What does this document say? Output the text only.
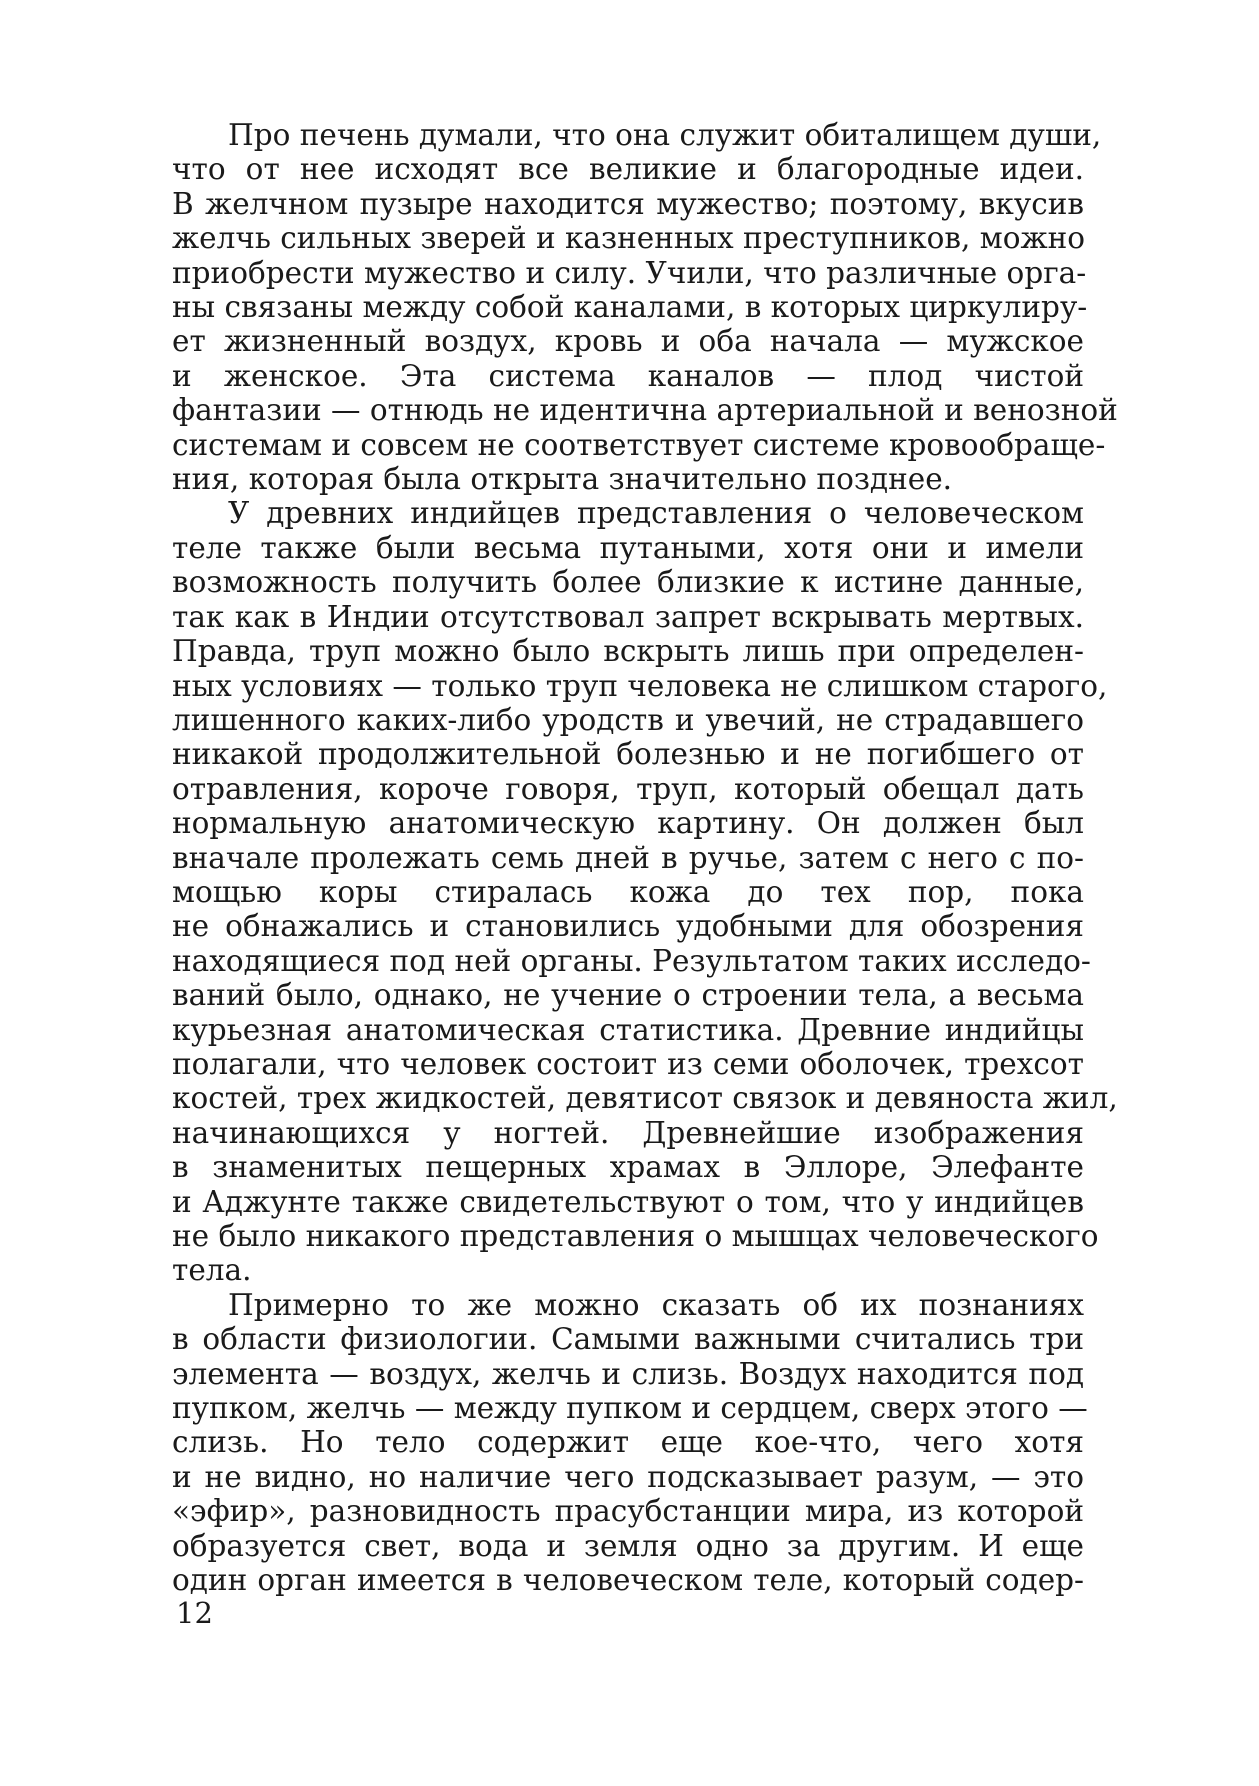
Про печень думали, что она служит обиталищем души,
что от нее исходят все великие и благородные идеи.
В желчном пузыре находится мужество; поэтому, вкусив
желчь сильных зверей и казненных преступников, можно
приобрести мужество и силу. Учили, что различные орга-
ны связаны между собой каналами, в которых циркулиру-
ет жизненный воздух, кровь и оба начала — мужское
и женское. Эта система каналов — плод чистой
фантазии — отнюдь не идентична артериальной и венозной
системам и совсем не соответствует системе кровообраще-
ния, которая была открыта значительно позднее.

У древних индийцев представления о человеческом
теле также были весьма путаными, хотя они и имели
возможность получить более близкие к истине данные,
так как в Индии отсутствовал запрет вскрывать мертвых.
Правда, труп можно было вскрыть лишь при определен-
ных условиях — только труп человека не слишком старого,
лишенного каких-либо уродств и увечий, не страдавшего
никакой продолжительной болезнью и не погибшего от
отравления, короче говоря, труп, который обещал дать
нормальную анатомическую картину. Он должен был
вначале пролежать семь дней в ручье, затем с него с по-
мощью коры стиралась кожа до тех пор, пока
не обнажались и становились удобными для обозрения
находящиеся под ней органы. Результатом таких исследо-
ваний было, однако, не учение о строении тела, а весьма
курьезная анатомическая статистика. Древние индийцы
полагали, что человек состоит из семи оболочек, трехсот
костей, трех жидкостей, девятисот связок и девяноста жил,
начинающихся у ногтей. Древнейшие изображения
в знаменитых пещерных храмах в Эллоре, Элефанте
и Аджунте также свидетельствуют о том, что у индийцев
не было никакого представления о мышцах человеческого
тела.

Примерно то же можно сказать об их познаниях
в области физиологии. Самыми важными считались три
элемента — воздух, желчь и слизь. Воздух находится под
пупком, желчь — между пупком и сердцем, сверх этого —
слизь. Но тело содержит еще кое-что, чего хотя
и не видно, но наличие чего подсказывает разум, — это
«эфир», разновидность прасубстанции мира, из которой
образуется свет, вода и земля одно за другим. И еще
один орган имеется в человеческом теле, который содер-

12
